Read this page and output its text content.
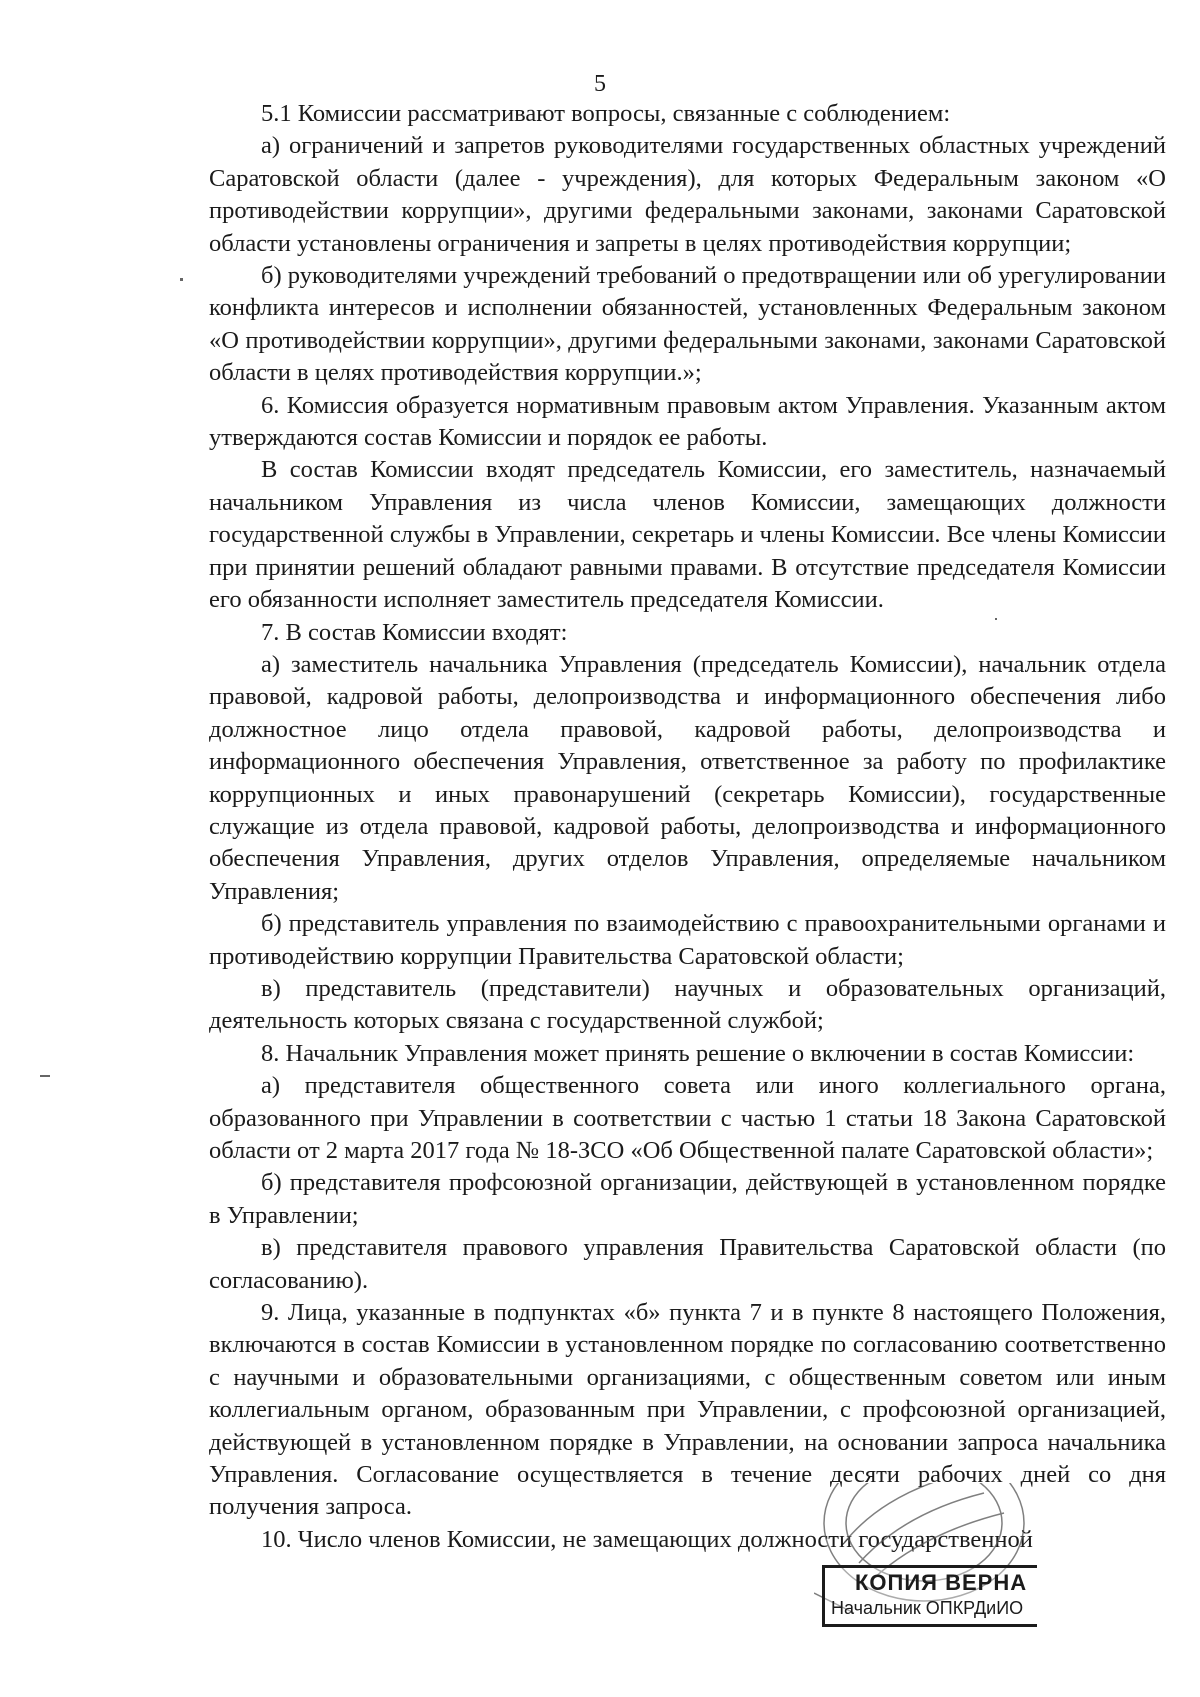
5

5.1 Комиссии рассматривают вопросы, связанные с соблюдением:

а) ограничений и запретов руководителями государственных областных учреждений Саратовской области (далее - учреждения), для которых Федеральным законом «О противодействии коррупции», другими федеральными законами, законами Саратовской области установлены ограничения и запреты в целях противодействия коррупции;

б) руководителями учреждений требований о предотвращении или об урегулировании конфликта интересов и исполнении обязанностей, установленных Федеральным законом «О противодействии коррупции», другими федеральными законами, законами Саратовской области в целях противодействия коррупции.»;

6. Комиссия образуется нормативным правовым актом Управления. Указанным актом утверждаются состав Комиссии и порядок ее работы.

В состав Комиссии входят председатель Комиссии, его заместитель, назначаемый начальником Управления из числа членов Комиссии, замещающих должности государственной службы в Управлении, секретарь и члены Комиссии. Все члены Комиссии при принятии решений обладают равными правами. В отсутствие председателя Комиссии его обязанности исполняет заместитель председателя Комиссии.

7. В состав Комиссии входят:

а) заместитель начальника Управления (председатель Комиссии), начальник отдела правовой, кадровой работы, делопроизводства и информационного обеспечения либо должностное лицо отдела правовой, кадровой работы, делопроизводства и информационного обеспечения Управления, ответственное за работу по профилактике коррупционных и иных правонарушений (секретарь Комиссии), государственные служащие из отдела правовой, кадровой работы, делопроизводства и информационного обеспечения Управления, других отделов Управления, определяемые начальником Управления;

б) представитель управления по взаимодействию с правоохранительными органами и противодействию коррупции Правительства Саратовской области;

в) представитель (представители) научных и образовательных организаций, деятельность которых связана с государственной службой;

8. Начальник Управления может принять решение о включении в состав Комиссии:

а) представителя общественного совета или иного коллегиального органа, образованного при Управлении в соответствии с частью 1 статьи 18 Закона Саратовской области от 2 марта 2017 года № 18-ЗСО «Об Общественной палате Саратовской области»;

б) представителя профсоюзной организации, действующей в установленном порядке в Управлении;

в) представителя правового управления Правительства Саратовской области (по согласованию).

9. Лица, указанные в подпунктах «б» пункта 7 и в пункте 8 настоящего Положения, включаются в состав Комиссии в установленном порядке по согласованию соответственно с научными и образовательными организациями, с общественным советом или иным коллегиальным органом, образованным при Управлении, с профсоюзной организацией, действующей в установленном порядке в Управлении, на основании запроса начальника Управления. Согласование осуществляется в течение десяти рабочих дней со дня получения запроса.

10. Число членов Комиссии, не замещающих должности государственной

КОПИЯ ВЕРНА
Начальник ОПКРДиИО
